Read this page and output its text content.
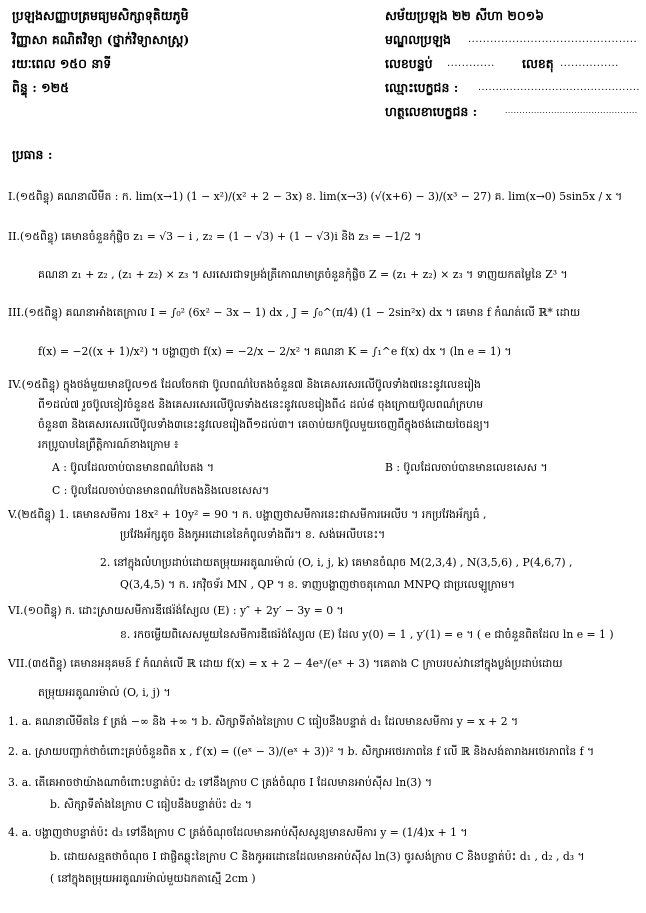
ប្រឡងសញ្ញាបត្រមធ្យមសិក្សាទុតិយភូមិ
វិញ្ញាសា គណិតវិទ្យា (ថ្នាក់វិទ្យាសាស្ត្រ)
រយៈពេល ១៥០ នាទី
ពិន្ទុ : ១២៥
សម័យប្រឡង ២២ សីហា ២០១៦
មណ្ឌលប្រឡង ..............................................
លេខបន្ទប់ ............. លេខតុ ................
ឈ្មោះបេក្ខជន : ..............................................
ហត្ថលេខាបេក្ខជន :	..............................................
ប្រធាន :
I.(១៥ពិន្ទុ) គណនាលីមីត : ក. lim(x→1) (1 − x²)/(x² + 2 − 3x) ខ. lim(x→3) (√(x+6) − 3)/(x³ − 27) គ. lim(x→0) 5sin5x / x ។
II.(១៥ពិន្ទុ) គេមានចំនួនកុំផ្លិច z₁ = √3 − i , z₂ = (1 − √3) + (1 − √3)i និង z₃ = −1/2 ។
គណនា z₁ + z₂ , (z₁ + z₂) × z₃ ។ សរសេរជាទម្រង់ត្រីកោណមាត្រចំនួនកុំផ្លិច Z = (z₁ + z₂) × z₃ ។ ទាញយកតម្លៃនៃ Z³ ។
III.(១៥ពិន្ទុ) គណនាអាំងតេក្រាល I = ∫₀² (6x² − 3x − 1) dx , J = ∫₀^(π/4) (1 − 2sin²x) dx ។ គេមាន f កំណត់លើ ℝ* ដោយ
f(x) = −2((x + 1)/x²) ។ បង្ហាញថា f(x) = −2/x − 2/x² ។ គណនា K = ∫₁^e f(x) dx ។ (ln e = 1) ។
IV.(១៥ពិន្ទុ) ក្នុងថង់មួយមានប៊ូល១៥ ដែលចែកជា ប៊ូលពណ៌បៃតងចំនួន៧ និងគេសរសេរលើប៊ូលទាំង៧នេះនូវលេខរៀង
ពី១ដល់៧ រួចប៊ូលខៀវចំនួន៥ និងគេសរសេរលើប៊ូលទាំង៥នេះនូវលេខរៀងពី៤ ដល់៨ ចុងក្រោយប៊ូលពណ៌ក្រហម
ចំនួន៣ និងគេសរសេរលើប៊ូលទាំង៣នេះនូវលេខរៀងពី១ដល់៣។ គេចាប់យកប៊ូលមួយចេញពីក្នុងថង់ដោយចៃដន្យ។
រកប្រូបាបនៃព្រឹត្តិការណ៍ខាងក្រោម ៖
A : ប៊ូលដែលចាប់បានមានពណ៌បៃតង ។	B : ប៊ូលដែលចាប់បានមានលេខសេស ។
C : ប៊ូលដែលចាប់បានមានពណ៌បៃតងនិងលេខសេស។
V.(២៥ពិន្ទុ) 1. គេមានសមីការ 18x² + 10y² = 90 ។ ក. បង្ហាញថាសមីការនេះជាសមីការអេលីប ។ រកប្រវែងអ័ក្សធំ ,
ប្រវែងអ័ក្សតូច និងកូអរដោនេនៃកំពូលទាំងពីរ។ ខ. សង់អេលីបនេះ។
2. នៅក្នុងលំហប្រដាប់ដោយតម្រុយអរតូណរម៉ាល់ (O, i, j, k) គេមានចំណុច M(2,3,4) , N(3,5,6) , P(4,6,7) ,
Q(3,4,5) ។ ក. រកវ៉ិចទ័រ MN , QP ។ ខ. ទាញបង្ហាញថាចតុកោណ MNPQ ជាប្រលេឡូក្រាម។
VI.(១០ពិន្ទុ) ក. ដោះស្រាយសមីការឌីផេរ៉ង់ស្យែល (E) : y″ + 2y′ − 3y = 0 ។
ខ. រកចម្លើយពិសេសមួយនៃសមីការឌីផេរ៉ង់ស្យែល (E) ដែល y(0) = 1 , y′(1) = e ។ ( e ជាចំនួនពិតដែល ln e = 1 )
VII.(៣៥ពិន្ទុ) គេមានអនុគមន៍ f កំណត់លើ ℝ ដោយ f(x) = x + 2 − 4eˣ/(eˣ + 3) ។គេតាង C ក្រាបរបស់វានៅក្នុងប្លង់ប្រដាប់ដោយ
តម្រុយអរតូណរម៉ាល់ (O, i, j) ។
1. a. គណនាលីមីតនៃ f ត្រង់ −∞ និង +∞ ។ b. សិក្សាទីតាំងនៃក្រាប C ធៀបនឹងបន្ទាត់ d₁ ដែលមានសមីការ y = x + 2 ។
2. a. ស្រាយបញ្ជាក់ថាចំពោះគ្រប់ចំនួនពិត x , f′(x) = ((eˣ − 3)/(eˣ + 3))² ។ b. សិក្សាអថេរភាពនៃ f លើ ℝ និងសង់តារាងអថេរភាពនៃ f ។
3. a. តើគេអាចថាយ៉ាងណាចំពោះបន្ទាត់ប៉ះ d₂ ទៅនឹងក្រាប C ត្រង់ចំណុច I ដែលមានអាប់ស៊ីស ln(3) ។
b. សិក្សាទីតាំងនៃក្រាប C ធៀបនឹងបន្ទាត់ប៉ះ d₂ ។
4. a. បង្ហាញថាបន្ទាត់ប៉ះ d₃ ទៅនឹងក្រាប C ត្រង់ចំណុចដែលមានអាប់ស៊ីសសូន្យមានសមីការ y = (1/4)x + 1 ។
b. ដោយសន្មតថាចំណុច I ជាផ្ចិតឆ្លុះនៃក្រាប C និងកូអរដោនេដែលមានអាប់ស៊ីស ln(3) ចូរសង់ក្រាប C និងបន្ទាត់ប៉ះ d₁ , d₂ , d₃ ។
( នៅក្នុងតម្រុយអរតូណរម៉ាល់មួយឯកតាស្មើ 2cm )
